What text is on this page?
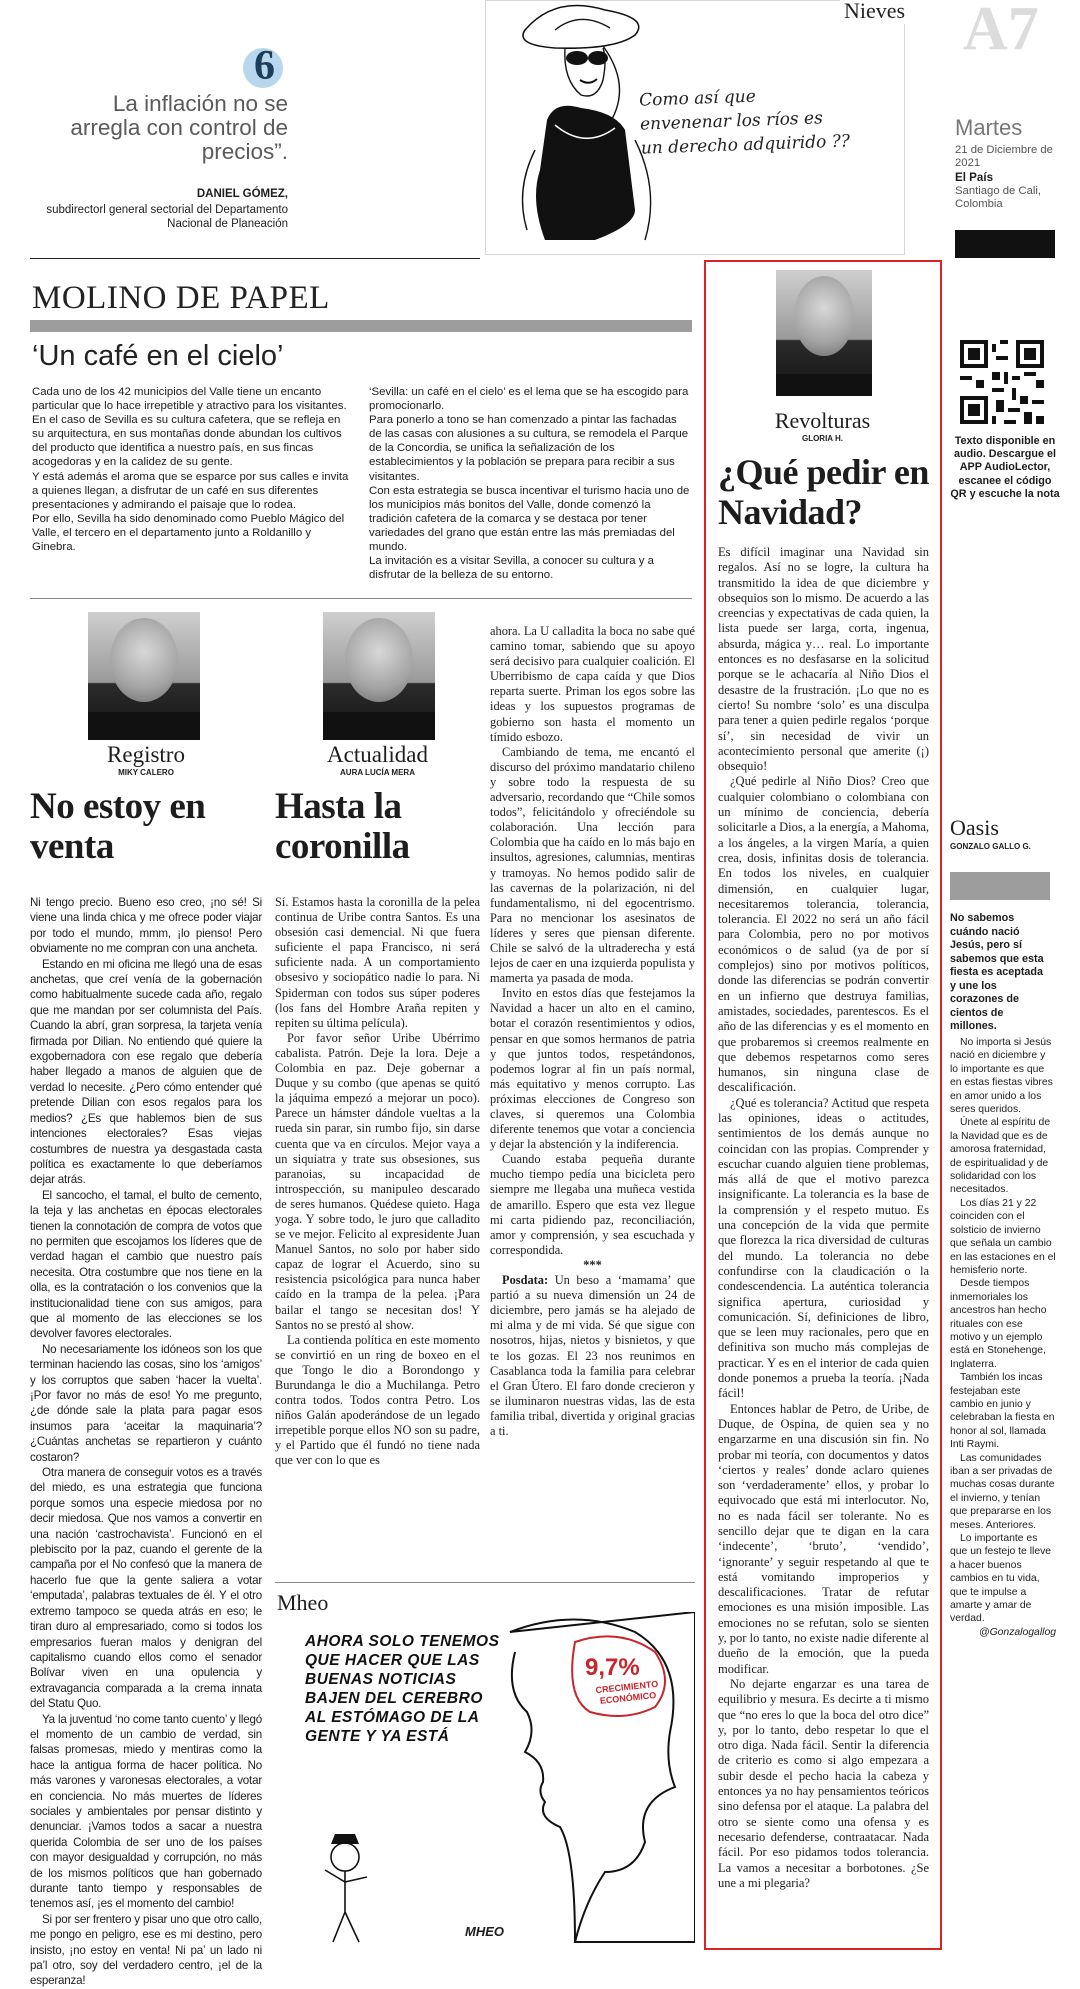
6
La inflación no se arregla con control de precios”.
DANIEL GÓMEZ,
subdirectorl general sectorial del Departamento Nacional de Planeación
Como así que envenenar los ríos es un derecho adquirido ??
Nieves A7
Martes
21 de Diciembre de 2021
El País
Santiago de Cali, Colombia
MOLINO DE PAPEL
‘Un café en el cielo’

Cada uno de los 42 municipios del Valle tiene un encanto particular que lo hace irrepetible y atractivo para los visitantes.

En el caso de Sevilla es su cultura cafetera, que se refleja en su arquitectura, en sus montañas donde abundan los cultivos del producto que identifica a nuestro país, en sus fincas acogedoras y en la calidez de su gente.

Y está además el aroma que se esparce por sus calles e invita a quienes llegan, a disfrutar de un café en sus diferentes presentaciones y admirando el paisaje que lo rodea.

Por ello, Sevilla ha sido denominado como Pueblo Mágico del Valle, el tercero en el departamento junto a Roldanillo y Ginebra.

‘Sevilla: un café en el cielo’ es el lema que se ha escogido para promocionarlo.

Para ponerlo a tono se han comenzado a pintar las fachadas de las casas con alusiones a su cultura, se remodela el Parque de la Concordia, se unifica la señalización de los establecimientos y la población se prepara para recibir a sus visitantes.

Con esta estrategia se busca incentivar el turismo hacia uno de los municipios más bonitos del Valle, donde comenzó la tradición cafetera de la comarca y se destaca por tener variedades del grano que están entre las más premiadas del mundo.

La invitación es a visitar Sevilla, a conocer su cultura y a disfrutar de la belleza de su entorno.

Registro
MIKY CALERO
No estoy en venta

Ni tengo precio. Bueno eso creo, ¡no sé! Si viene una linda chica y me ofrece poder viajar por todo el mundo, mmm, ¡lo pienso! Pero obviamente no me compran con una ancheta.

Estando en mi oficina me llegó una de esas anchetas, que creí venía de la gobernación como habitualmente sucede cada año, regalo que me mandan por ser columnista del País. Cuando la abrí, gran sorpresa, la tarjeta venía firmada por Dilian. No entiendo qué quiere la exgobernadora con ese regalo que debería haber llegado a manos de alguien que de verdad lo necesite. ¿Pero cómo entender qué pretende Dilian con esos regalos para los medios? ¿Es que hablemos bien de sus intenciones electorales? Esas viejas costumbres de nuestra ya desgastada casta política es exactamente lo que deberíamos dejar atrás.

El sancocho, el tamal, el bulto de cemento, la teja y las anchetas en épocas electorales tienen la connotación de compra de votos que no permiten que escojamos los líderes que de verdad hagan el cambio que nuestro país necesita. Otra costumbre que nos tiene en la olla, es la contratación o los convenios que la institucionalidad tiene con sus amigos, para que al momento de las elecciones se los devolver favores electorales.

No necesariamente los idóneos son los que terminan haciendo las cosas, sino los ‘amigos’ y los corruptos que saben ‘hacer la vuelta’. ¡Por favor no más de eso! Yo me pregunto, ¿de dónde sale la plata para pagar esos insumos para ‘aceitar la maquinaria’? ¿Cuántas anchetas se repartieron y cuánto costaron?

Otra manera de conseguir votos es a través del miedo, es una estrategia que funciona porque somos una especie miedosa por no decir miedosa. Que nos vamos a convertir en una nación ‘castrochavista’. Funcionó en el plebiscito por la paz, cuando el gerente de la campaña por el No confesó que la manera de hacerlo fue que la gente saliera a votar ‘emputada’, palabras textuales de él. Y el otro extremo tampoco se queda atrás en eso; le tiran duro al empresariado, como si todos los empresarios fueran malos y denigran del capitalismo cuando ellos como el senador Bolívar viven en una opulencia y extravagancia comparada a la crema innata del Statu Quo.

Ya la juventud ‘no come tanto cuento’ y llegó el momento de un cambio de verdad, sin falsas promesas, miedo y mentiras como la hace la antigua forma de hacer política. No más varones y varonesas electorales, a votar en conciencia. No más muertes de líderes sociales y ambientales por pensar distinto y denunciar. ¡Vamos todos a sacar a nuestra querida Colombia de ser uno de los países con mayor desigualdad y corrupción, no más de los mismos políticos que han gobernado durante tanto tiempo y responsables de tenemos así, ¡es el momento del cambio!

Si por ser frentero y pisar uno que otro callo, me pongo en peligro, ese es mi destino, pero insisto, ¡no estoy en venta! Ni pa’ un lado ni pa’l otro, soy del verdadero centro, ¡el de la esperanza!

Actualidad
AURA LUCÍA MERA
Hasta la coronilla

Sí. Estamos hasta la coronilla de la pelea continua de Uribe contra Santos. Es una obsesión casi demencial. Ni que fuera suficiente el papa Francisco, ni será suficiente nada. A un comportamiento obsesivo y sociopático nadie lo para. Ni Spiderman con todos sus súper poderes (los fans del Hombre Araña repiten y repiten su última película).

Por favor señor Uribe Ubérrimo cabalista. Patrón. Deje la lora. Deje a Colombia en paz. Deje gobernar a Duque y su combo (que apenas se quitó la jáquima empezó a mejorar un poco). Parece un hámster dándole vueltas a la rueda sin parar, sin rumbo fijo, sin darse cuenta que va en círculos. Mejor vaya a un siquiatra y trate sus obsesiones, sus paranoias, su incapacidad de introspección, su manipuleo descarado de seres humanos. Quédese quieto. Haga yoga. Y sobre todo, le juro que calladito se ve mejor. Felicito al expresidente Juan Manuel Santos, no solo por haber sido capaz de lograr el Acuerdo, sino su resistencia psicológica para nunca haber caído en la trampa de la pelea. ¡Para bailar el tango se necesitan dos! Y Santos no se prestó al show.

La contienda política en este momento se convirtió en un ring de boxeo en el que Tongo le dio a Borondongo y Burundanga le dio a Muchilanga. Petro contra todos. Todos contra Petro. Los niños Galán apoderándose de un legado irrepetible porque ellos NO son su padre, y el Partido que él fundó no tiene nada que ver con lo que es

ahora. La U calladita la boca no sabe qué camino tomar, sabiendo que su apoyo será decisivo para cualquier coalición. El Uberribismo de capa caída y que Dios reparta suerte. Priman los egos sobre las ideas y los supuestos programas de gobierno son hasta el momento un tímido esbozo.

Cambiando de tema, me encantó el discurso del próximo mandatario chileno y sobre todo la respuesta de su adversario, recordando que “Chile somos todos”, felicitándolo y ofreciéndole su colaboración. Una lección para Colombia que ha caído en lo más bajo en insultos, agresiones, calumnias, mentiras y tramoyas. No hemos podido salir de las cavernas de la polarización, ni del fundamentalismo, ni del egocentrismo. Para no mencionar los asesinatos de líderes y seres que piensan diferente. Chile se salvó de la ultraderecha y está lejos de caer en una izquierda populista y mamerta ya pasada de moda.

Invito en estos días que festejamos la Navidad a hacer un alto en el camino, botar el corazón resentimientos y odios, pensar en que somos hermanos de patria y que juntos todos, respetándonos, podemos lograr al fin un país normal, más equitativo y menos corrupto. Las próximas elecciones de Congreso son claves, si queremos una Colombia diferente tenemos que votar a conciencia y dejar la abstención y la indiferencia.

Cuando estaba pequeña durante mucho tiempo pedía una bicicleta pero siempre me llegaba una muñeca vestida de amarillo. Espero que esta vez llegue mi carta pidiendo paz, reconciliación, amor y comprensión, y sea escuchada y correspondida.

***

Posdata: Un beso a ‘mamama’ que partió a su nueva dimensión un 24 de diciembre, pero jamás se ha alejado de mi alma y de mi vida. Sé que sigue con nosotros, hijas, nietos y bisnietos, y que te los gozas. El 23 nos reunimos en Casablanca toda la familia para celebrar el Gran Útero. El faro donde crecieron y se iluminaron nuestras vidas, las de esta familia tribal, divertida y original gracias a ti.

Mheo
AHORA SOLO TENEMOS QUE HACER QUE LAS BUENAS NOTICIAS BAJEN DEL CEREBRO AL ESTÓMAGO DE LA GENTE Y YA ESTÁ
9,7%
CRECIMIENTO ECONÓMICO
MHEO
Revolturas
GLORIA H.
¿Qué pedir en Navidad?

Es difícil imaginar una Navidad sin regalos. Así no se logre, la cultura ha transmitido la idea de que diciembre y obsequios son lo mismo. De acuerdo a las creencias y expectativas de cada quien, la lista puede ser larga, corta, ingenua, absurda, mágica y… real. Lo importante entonces es no desfasarse en la solicitud porque se le achacaría al Niño Dios el desastre de la frustración. ¡Lo que no es cierto! Su nombre ‘solo’ es una disculpa para tener a quien pedirle regalos ‘porque sí’, sin necesidad de vivir un acontecimiento personal que amerite (¡) obsequio!

¿Qué pedirle al Niño Dios? Creo que cualquier colombiano o colombiana con un mínimo de conciencia, debería solicitarle a Dios, a la energía, a Mahoma, a los ángeles, a la virgen María, a quien crea, dosis, infinitas dosis de tolerancia. En todos los niveles, en cualquier dimensión, en cualquier lugar, necesitaremos tolerancia, tolerancia, tolerancia. El 2022 no será un año fácil para Colombia, pero no por motivos económicos o de salud (ya de por sí complejos) sino por motivos políticos, donde las diferencias se podrán convertir en un infierno que destruya familias, amistades, sociedades, parentescos. Es el año de las diferencias y es el momento en que probaremos si creemos realmente en que debemos respetarnos como seres humanos, sin ninguna clase de descalificación.

¿Qué es tolerancia? Actitud que respeta las opiniones, ideas o actitudes, sentimientos de los demás aunque no coincidan con las propias. Comprender y escuchar cuando alguien tiene problemas, más allá de que el motivo parezca insignificante. La tolerancia es la base de la comprensión y el respeto mutuo. Es una concepción de la vida que permite que florezca la rica diversidad de culturas del mundo. La tolerancia no debe confundirse con la claudicación o la condescendencia. La auténtica tolerancia significa apertura, curiosidad y comunicación. Sí, definiciones de libro, que se leen muy racionales, pero que en definitiva son mucho más complejas de practicar. Y es en el interior de cada quien donde ponemos a prueba la teoría. ¡Nada fácil!

Entonces hablar de Petro, de Uribe, de Duque, de Ospina, de quien sea y no engarzarme en una discusión sin fin. No probar mi teoría, con documentos y datos ‘ciertos y reales’ donde aclaro quienes son ‘verdaderamente’ ellos, y probar lo equivocado que está mi interlocutor. No, no es nada fácil ser tolerante. No es sencillo dejar que te digan en la cara ‘indecente’, ‘bruto’, ‘vendido’, ‘ignorante’ y seguir respetando al que te está vomitando improperios y descalificaciones. Tratar de refutar emociones es una misión imposible. Las emociones no se refutan, solo se sienten y, por lo tanto, no existe nadie diferente al dueño de la emoción, que la pueda modificar.

No dejarte engarzar es una tarea de equilibrio y mesura. Es decirte a ti mismo que “no eres lo que la boca del otro dice” y, por lo tanto, debo respetar lo que el otro diga. Nada fácil. Sentir la diferencia de criterio es como si algo empezara a subir desde el pecho hacia la cabeza y entonces ya no hay pensamientos teóricos sino defensa por el ataque. La palabra del otro se siente como una ofensa y es necesario defenderse, contraatacar. Nada fácil. Por eso pidamos todos tolerancia. La vamos a necesitar a borbotones. ¿Se une a mi plegaria?

Texto disponible en audio. Descargue el APP AudioLector, escanee el código QR y escuche la nota
Oasis
GONZALO GALLO G.
No sabemos cuándo nació Jesús, pero sí sabemos que esta fiesta es aceptada y une los corazones de cientos de millones.

No importa si Jesús nació en diciembre y lo importante es que en estas fiestas vibres en amor unido a los seres queridos.

Únete al espíritu de la Navidad que es de amorosa fraternidad, de espiritualidad y de solidaridad con los necesitados.

Los días 21 y 22 coinciden con el solsticio de invierno que señala un cambio en las estaciones en el hemisferio norte.

Desde tiempos inmemoriales los ancestros han hecho rituales con ese motivo y un ejemplo está en Stonehenge, Inglaterra.

También los incas festejaban este cambio en junio y celebraban la fiesta en honor al sol, llamada Inti Raymi.

Las comunidades iban a ser privadas de muchas cosas durante el invierno, y tenían que prepararse en los meses. Anteriores.

Lo importante es que un festejo te lleve a hacer buenos cambios en tu vida, que te impulse a amarte y amar de verdad.

@Gonzalogallog
